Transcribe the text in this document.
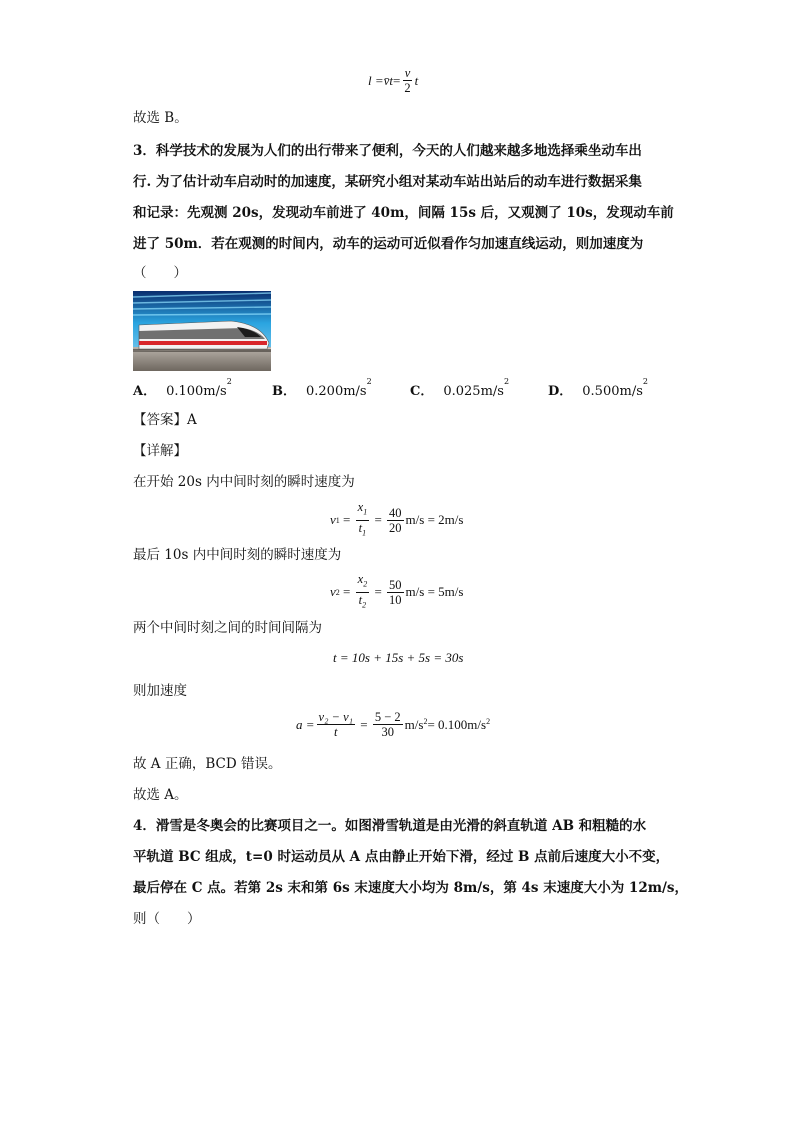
l = v̄t = $\frac{v}{2}$ t
故选 B。
3．科学技术的发展为人们的出行带来了便利，今天的人们越来越多地选择乘坐动车出
行. 为了估计动车启动时的加速度，某研究小组对某动车站出站后的动车进行数据采集
和记录：先观测 20s，发现动车前进了 40m，间隔 15s 后，又观测了 10s，发现动车前
进了 50m．若在观测的时间内，动车的运动可近似看作匀加速直线运动，则加速度为
（　　）
A． $0.100m/s^2$
B． $0.200m/s^2$
C． $0.025m/s^2$
D． $0.500m/s^2$
【答案】A
【详解】
在开始 20s 内中间时刻的瞬时速度为
v $1 = \frac{x_1}{t_1} = \frac{40}{20} m/s = 2m/s$
最后 10s 内中间时刻的瞬时速度为
v $2 = \frac{x_2}{t_2} = \frac{50}{10} m/s = 5m/s$
两个中间时刻之间的时间间隔为
t = 10s + 15s + 5s = 30s
则加速度
$a = \frac{\text{v₂ − v₁}}{t} = \frac{5 - 2}{30} m/s^2 = 0.100m/s^2$
故 A 正确，BCD 错误。
故选 A。
4．滑雪是冬奥会的比赛项目之一。如图滑雪轨道是由光滑的斜直轨道 AB 和粗糙的水
平轨道 BC 组成，t=0 时运动员从 A 点由静止开始下滑，经过 B 点前后速度大小不变，
最后停在 C 点。若第 2s 末和第 6s 末速度大小均为 8m/s，第 4s 末速度大小为 12m/s，
则（　　）
